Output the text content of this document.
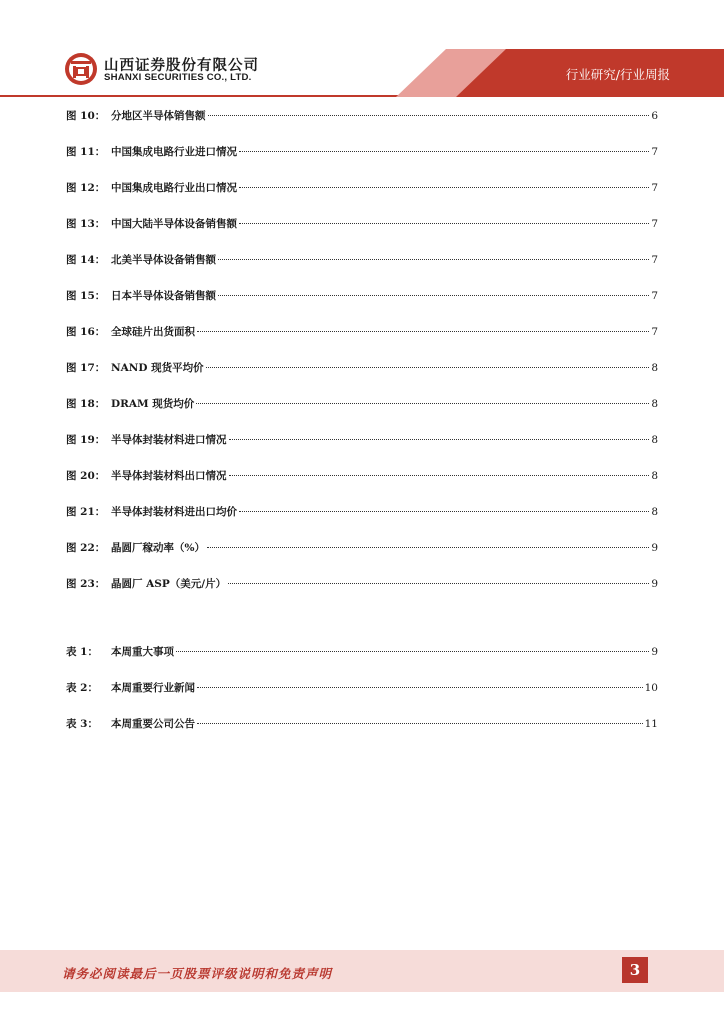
山西证券股份有限公司
SHANXI SECURITIES CO., LTD.	行业研究/行业周报
图 10： 分地区半导体销售额	6
图 11： 中国集成电路行业进口情况	7
图 12： 中国集成电路行业出口情况	7
图 13： 中国大陆半导体设备销售额	7
图 14： 北美半导体设备销售额	7
图 15： 日本半导体设备销售额	7
图 16： 全球硅片出货面积	7
图 17： NAND 现货平均价	8
图 18： DRAM 现货均价	8
图 19： 半导体封装材料进口情况	8
图 20： 半导体封装材料出口情况	8
图 21： 半导体封装材料进出口均价	8
图 22： 晶圆厂稼动率（%）	9
图 23： 晶圆厂 ASP（美元/片）	9
表 1：	本周重大事项	9
表 2：	本周重要行业新闻	10
表 3：	本周重要公司公告	11
请务必阅读最后一页股票评级说明和免责声明	3
